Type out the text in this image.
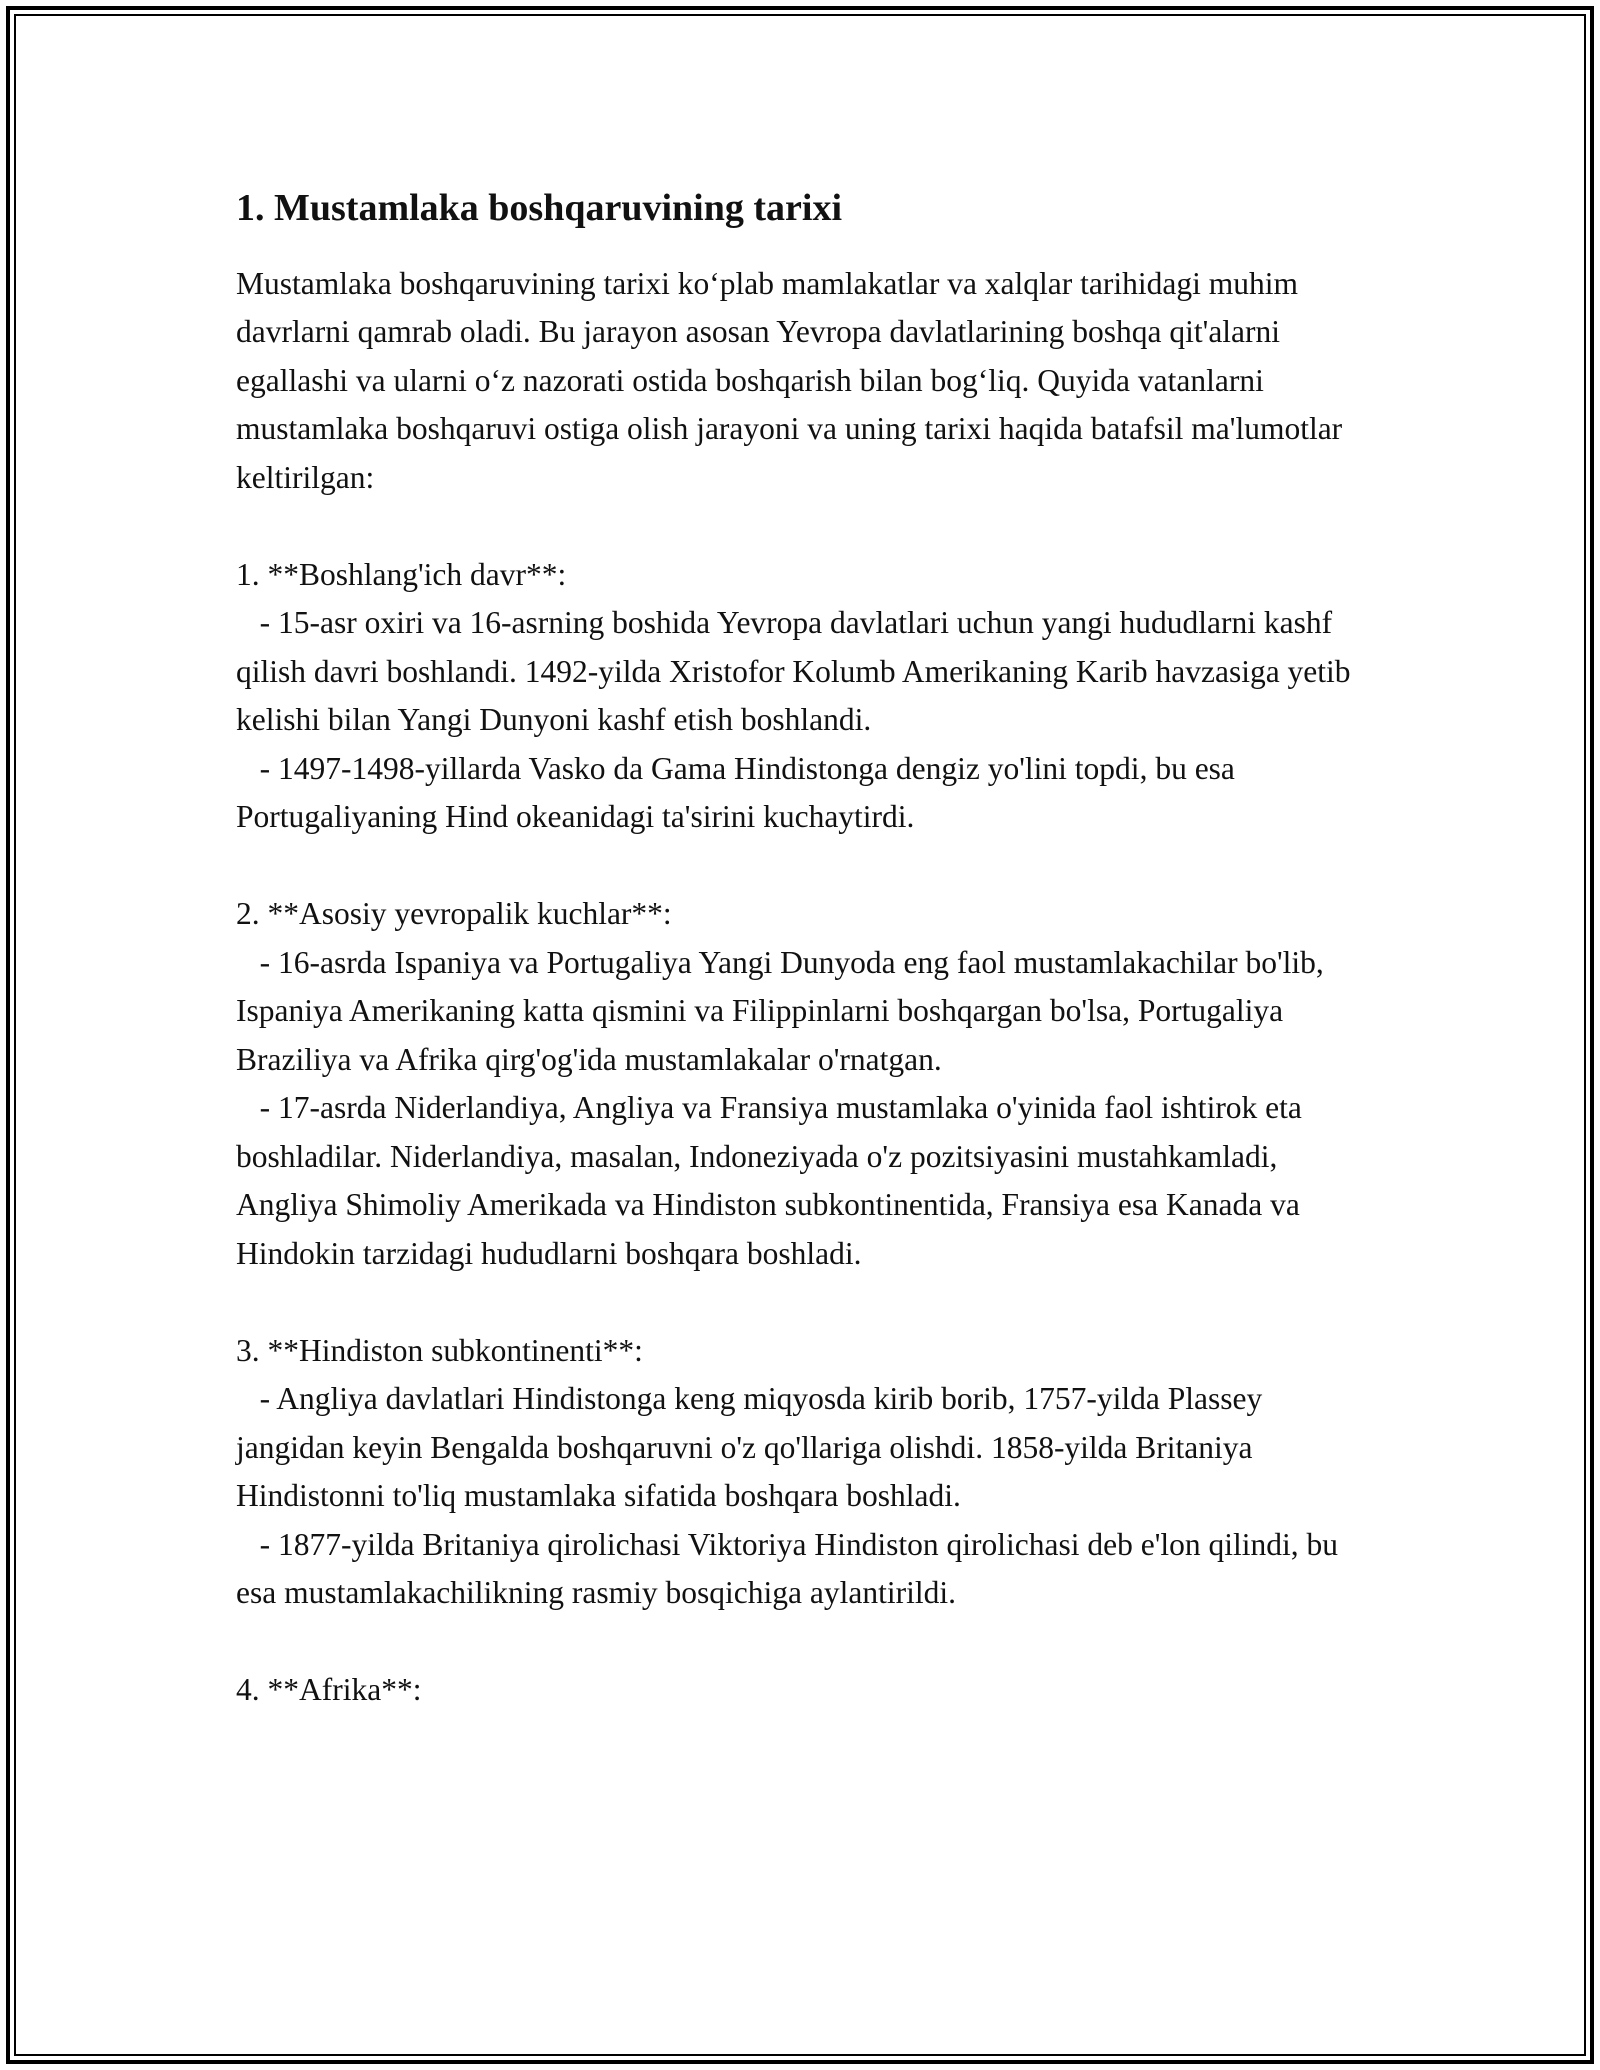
1. Mustamlaka boshqaruvining tarixi

Mustamlaka boshqaruvining tarixi ko‘plab mamlakatlar va xalqlar tarihidagi muhim davrlarni qamrab oladi. Bu jarayon asosan Yevropa davlatlarining boshqa qit'alarni egallashi va ularni o‘z nazorati ostida boshqarish bilan bog‘liq. Quyida vatanlarni mustamlaka boshqaruvi ostiga olish jarayoni va uning tarixi haqida batafsil ma'lumotlar keltirilgan:

1. **Boshlang'ich davr**:
- 15-asr oxiri va 16-asrning boshida Yevropa davlatlari uchun yangi hududlarni kashf qilish davri boshlandi. 1492-yilda Xristofor Kolumb Amerikaning Karib havzasiga yetib kelishi bilan Yangi Dunyoni kashf etish boshlandi.
- 1497-1498-yillarda Vasko da Gama Hindistonga dengiz yo'lini topdi, bu esa Portugaliyaning Hind okeanidagi ta'sirini kuchaytirdi.

2. **Asosiy yevropalik kuchlar**:
- 16-asrda Ispaniya va Portugaliya Yangi Dunyoda eng faol mustamlakachilar bo'lib, Ispaniya Amerikaning katta qismini va Filippinlarni boshqargan bo'lsa, Portugaliya Braziliya va Afrika qirg'og'ida mustamlakalar o'rnatgan.
- 17-asrda Niderlandiya, Angliya va Fransiya mustamlaka o'yinida faol ishtirok eta boshladilar. Niderlandiya, masalan, Indoneziyada o'z pozitsiyasini mustahkamladi, Angliya Shimoliy Amerikada va Hindiston subkontinentida, Fransiya esa Kanada va Hindokin tarzidagi hududlarni boshqara boshladi.

3. **Hindiston subkontinenti**:
- Angliya davlatlari Hindistonga keng miqyosda kirib borib, 1757-yilda Plassey jangidan keyin Bengalda boshqaruvni o'z qo'llariga olishdi. 1858-yilda Britaniya Hindistonni to'liq mustamlaka sifatida boshqara boshladi.
- 1877-yilda Britaniya qirolichasi Viktoriya Hindiston qirolichasi deb e'lon qilindi, bu esa mustamlakachilikning rasmiy bosqichiga aylantirildi.

4. **Afrika**:
